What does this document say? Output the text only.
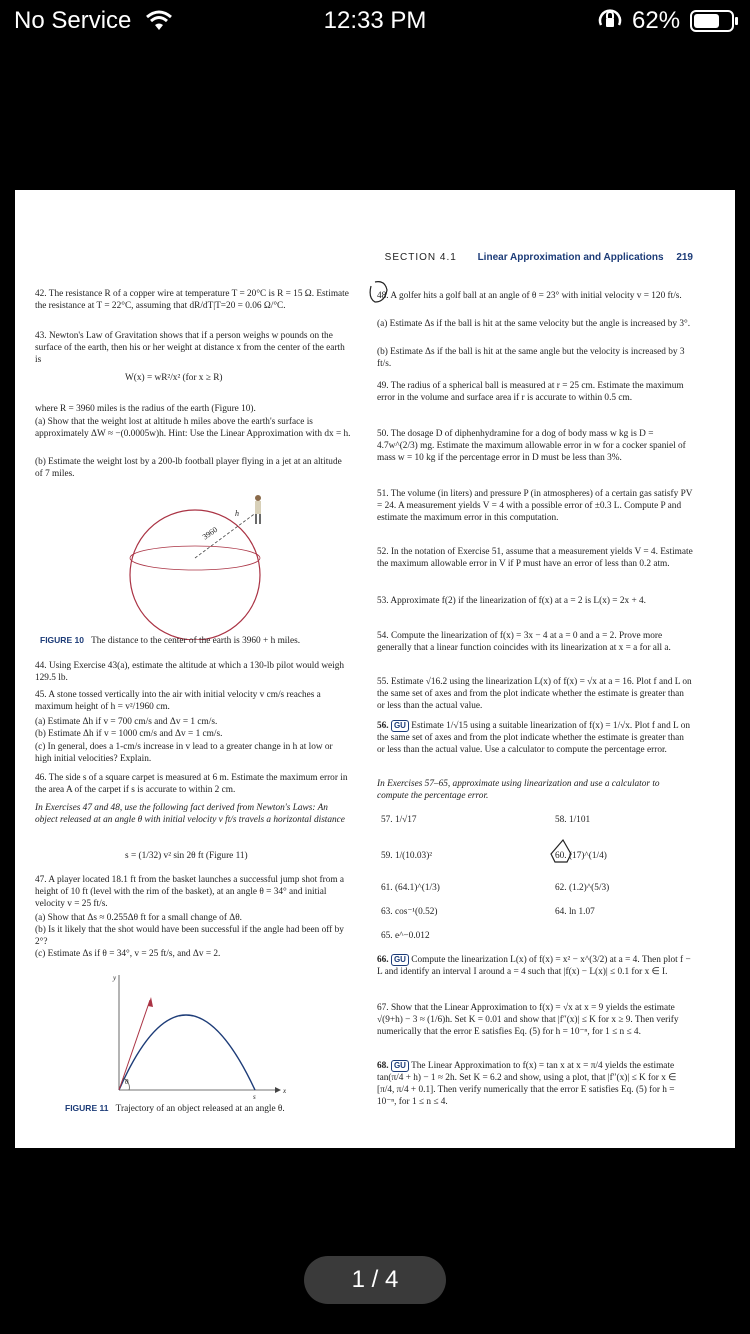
No Service	12:33 PM	62%
SECTION 4.1 Linear Approximation and Applications 219
42. The resistance R of a copper wire at temperature T = 20°C is R = 15 Ω. Estimate the resistance at T = 22°C, assuming that dR/dT|T=20 = 0.06 Ω/°C.
43. Newton's Law of Gravitation shows that if a person weighs w pounds on the surface of the earth, then his or her weight at distance x from the center of the earth is
W(x) = wR²/x² (for x ≥ R)
where R = 3960 miles is the radius of the earth (Figure 10).
(a) Show that the weight lost at altitude h miles above the earth's surface is approximately ΔW ≈ −(0.0005w)h. Hint: Use the Linear Approximation with dx = h.
(b) Estimate the weight lost by a 200-lb football player flying in a jet at an altitude of 7 miles.
3960
h
FIGURE 10 The distance to the center of the earth is 3960 + h miles.
44. Using Exercise 43(a), estimate the altitude at which a 130-lb pilot would weigh 129.5 lb.
45. A stone tossed vertically into the air with initial velocity v cm/s reaches a maximum height of h = v²/1960 cm.
(a) Estimate Δh if v = 700 cm/s and Δv = 1 cm/s.
(b) Estimate Δh if v = 1000 cm/s and Δv = 1 cm/s.
(c) In general, does a 1-cm/s increase in v lead to a greater change in h at low or high initial velocities? Explain.
46. The side s of a square carpet is measured at 6 m. Estimate the maximum error in the area A of the carpet if s is accurate to within 2 cm.
In Exercises 47 and 48, use the following fact derived from Newton's Laws: An object released at an angle θ with initial velocity v ft/s travels a horizontal distance
s = (1/32) v² sin 2θ ft (Figure 11)
47. A player located 18.1 ft from the basket launches a successful jump shot from a height of 10 ft (level with the rim of the basket), at an angle θ = 34° and initial velocity v = 25 ft/s.
(a) Show that Δs ≈ 0.255Δθ ft for a small change of Δθ.
(b) Is it likely that the shot would have been successful if the angle had been off by 2°?
(c) Estimate Δs if θ = 34°, v = 25 ft/s, and Δv = 2.
θ
y
x
s
FIGURE 11 Trajectory of an object released at an angle θ.
48. A golfer hits a golf ball at an angle of θ = 23° with initial velocity v = 120 ft/s.
(a) Estimate Δs if the ball is hit at the same velocity but the angle is increased by 3°.
(b) Estimate Δs if the ball is hit at the same angle but the velocity is increased by 3 ft/s.
49. The radius of a spherical ball is measured at r = 25 cm. Estimate the maximum error in the volume and surface area if r is accurate to within 0.5 cm.
50. The dosage D of diphenhydramine for a dog of body mass w kg is D = 4.7w^(2/3) mg. Estimate the maximum allowable error in w for a cocker spaniel of mass w = 10 kg if the percentage error in D must be less than 3%.
51. The volume (in liters) and pressure P (in atmospheres) of a certain gas satisfy PV = 24. A measurement yields V = 4 with a possible error of ±0.3 L. Compute P and estimate the maximum error in this computation.
52. In the notation of Exercise 51, assume that a measurement yields V = 4. Estimate the maximum allowable error in V if P must have an error of less than 0.2 atm.
53. Approximate f(2) if the linearization of f(x) at a = 2 is L(x) = 2x + 4.
54. Compute the linearization of f(x) = 3x − 4 at a = 0 and a = 2. Prove more generally that a linear function coincides with its linearization at x = a for all a.
55. Estimate √16.2 using the linearization L(x) of f(x) = √x at a = 16. Plot f and L on the same set of axes and from the plot indicate whether the estimate is greater than or less than the actual value.
56. GU Estimate 1/√15 using a suitable linearization of f(x) = 1/√x. Plot f and L on the same set of axes and from the plot indicate whether the estimate is greater than or less than the actual value. Use a calculator to compute the percentage error.
In Exercises 57–65, approximate using linearization and use a calculator to compute the percentage error.
57. 1/√17	58. 1/101
59. 1/(10.03)²	60. (17)^(1/4)
61. (64.1)^(1/3)	62. (1.2)^(5/3)
63. cos⁻¹(0.52)	64. ln 1.07
65. e^−0.012
66. GU Compute the linearization L(x) of f(x) = x² − x^(3/2) at a = 4. Then plot f − L and identify an interval I around a = 4 such that |f(x) − L(x)| ≤ 0.1 for x ∈ I.
67. Show that the Linear Approximation to f(x) = √x at x = 9 yields the estimate √(9+h) − 3 ≈ (1/6)h. Set K = 0.01 and show that |f″(x)| ≤ K for x ≥ 9. Then verify numerically that the error E satisfies Eq. (5) for h = 10⁻ⁿ, for 1 ≤ n ≤ 4.
68. GU The Linear Approximation to f(x) = tan x at x = π/4 yields the estimate tan(π/4 + h) − 1 ≈ 2h. Set K = 6.2 and show, using a plot, that |f″(x)| ≤ K for x ∈ [π/4, π/4 + 0.1]. Then verify numerically that the error E satisfies Eq. (5) for h = 10⁻ⁿ, for 1 ≤ n ≤ 4.
1 / 4
